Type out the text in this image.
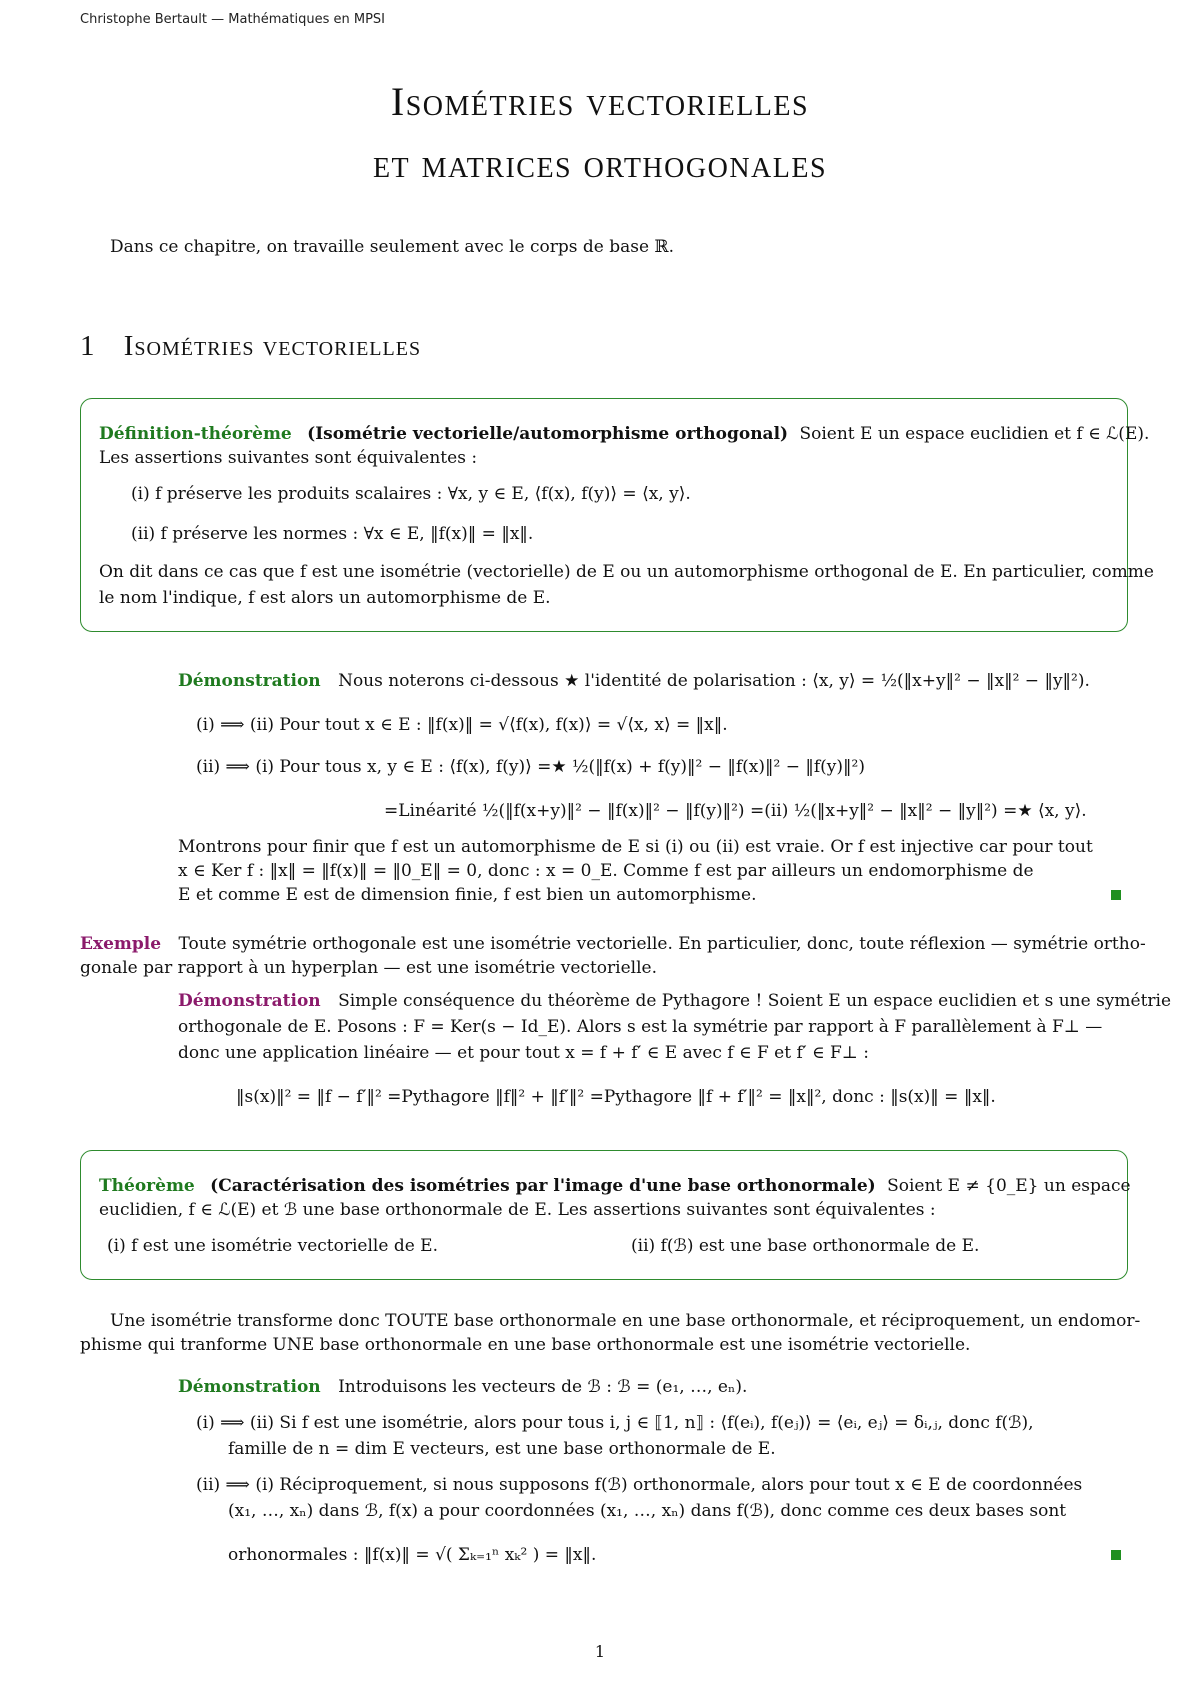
Christophe Bertault — Mathématiques en MPSI
Isométries vectorielles
et matrices orthogonales
Dans ce chapitre, on travaille seulement avec le corps de base ℝ.
1 Isométries vectorielles
Définition-théorème (Isométrie vectorielle/automorphisme orthogonal) Soient E un espace euclidien et f ∈ ℒ(E).
Les assertions suivantes sont équivalentes :
(i) f préserve les produits scalaires : ∀x, y ∈ E, ⟨f(x), f(y)⟩ = ⟨x, y⟩.
(ii) f préserve les normes : ∀x ∈ E, ‖f(x)‖ = ‖x‖.
On dit dans ce cas que f est une isométrie (vectorielle) de E ou un automorphisme orthogonal de E. En particulier, comme
le nom l'indique, f est alors un automorphisme de E.
Démonstration Nous noterons ci-dessous ★ l'identité de polarisation : ⟨x, y⟩ = ½(‖x+y‖² − ‖x‖² − ‖y‖²).
(i) ⟹ (ii) Pour tout x ∈ E : ‖f(x)‖ = √⟨f(x), f(x)⟩ = √⟨x, x⟩ = ‖x‖.
(ii) ⟹ (i) Pour tous x, y ∈ E : ⟨f(x), f(y)⟩ =★ ½(‖f(x) + f(y)‖² − ‖f(x)‖² − ‖f(y)‖²)
=Linéarité ½(‖f(x+y)‖² − ‖f(x)‖² − ‖f(y)‖²) =(ii) ½(‖x+y‖² − ‖x‖² − ‖y‖²) =★ ⟨x, y⟩.
Montrons pour finir que f est un automorphisme de E si (i) ou (ii) est vraie. Or f est injective car pour tout
x ∈ Ker f : ‖x‖ = ‖f(x)‖ = ‖0_E‖ = 0, donc : x = 0_E. Comme f est par ailleurs un endomorphisme de
E et comme E est de dimension finie, f est bien un automorphisme.
Exemple Toute symétrie orthogonale est une isométrie vectorielle. En particulier, donc, toute réflexion — symétrie ortho-
gonale par rapport à un hyperplan — est une isométrie vectorielle.
Démonstration Simple conséquence du théorème de Pythagore ! Soient E un espace euclidien et s une symétrie
orthogonale de E. Posons : F = Ker(s − Id_E). Alors s est la symétrie par rapport à F parallèlement à F⊥ —
donc une application linéaire — et pour tout x = f + f′ ∈ E avec f ∈ F et f′ ∈ F⊥ :
‖s(x)‖² = ‖f − f′‖² =Pythagore ‖f‖² + ‖f′‖² =Pythagore ‖f + f′‖² = ‖x‖², donc : ‖s(x)‖ = ‖x‖.
Théorème (Caractérisation des isométries par l'image d'une base orthonormale) Soient E ≠ {0_E} un espace
euclidien, f ∈ ℒ(E) et ℬ une base orthonormale de E. Les assertions suivantes sont équivalentes :
(i) f est une isométrie vectorielle de E.	(ii) f(ℬ) est une base orthonormale de E.
Une isométrie transforme donc TOUTE base orthonormale en une base orthonormale, et réciproquement, un endomor-
phisme qui tranforme UNE base orthonormale en une base orthonormale est une isométrie vectorielle.
Démonstration Introduisons les vecteurs de ℬ : ℬ = (e₁, …, eₙ).
(i) ⟹ (ii) Si f est une isométrie, alors pour tous i, j ∈ ⟦1, n⟧ : ⟨f(eᵢ), f(eⱼ)⟩ = ⟨eᵢ, eⱼ⟩ = δᵢ,ⱼ, donc f(ℬ),
famille de n = dim E vecteurs, est une base orthonormale de E.
(ii) ⟹ (i) Réciproquement, si nous supposons f(ℬ) orthonormale, alors pour tout x ∈ E de coordonnées
(x₁, …, xₙ) dans ℬ, f(x) a pour coordonnées (x₁, …, xₙ) dans f(ℬ), donc comme ces deux bases sont
orhonormales : ‖f(x)‖ = √( Σₖ₌₁ⁿ xₖ² ) = ‖x‖.
1
